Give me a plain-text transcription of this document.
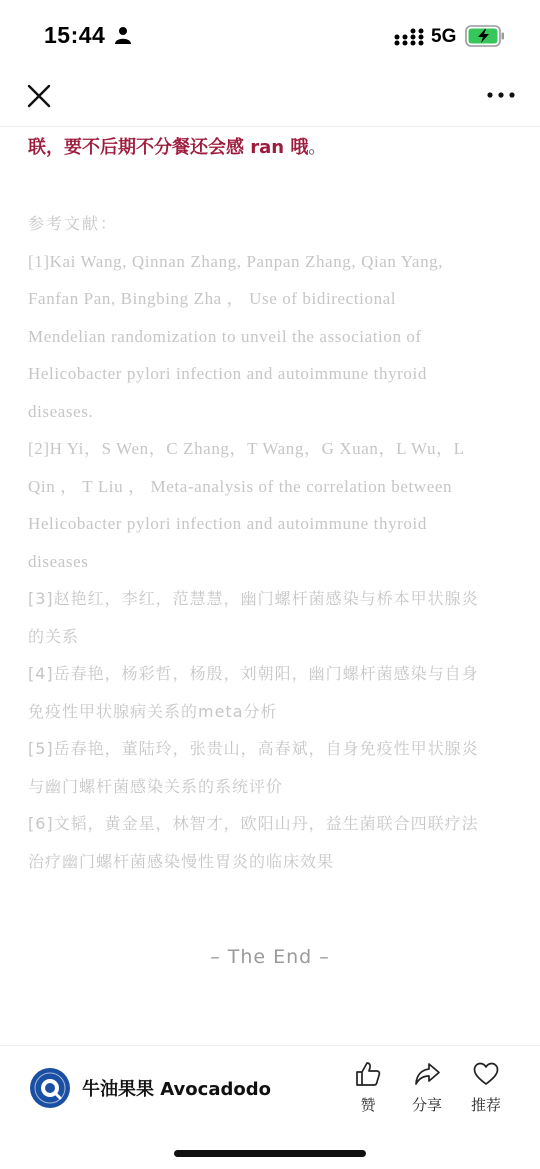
15:44	5G
联，要不后期不分餐还会感 ran 哦。
参考文献：
[1]Kai Wang, Qinnan Zhang, Panpan Zhang, Qian Yang,
Fanfan Pan, Bingbing Zha ， Use of bidirectional
Mendelian randomization to unveil the association of
Helicobacter pylori infection and autoimmune thyroid
diseases.
[2]H Yi，S Wen，C Zhang，T Wang，G Xuan，L Wu，L
Qin ， T Liu ， Meta-analysis of the correlation between
Helicobacter pylori infection and autoimmune thyroid
diseases
[3]赵艳红，李红，范慧慧，幽门螺杆菌感染与桥本甲状腺炎
的关系
[4]岳春艳，杨彩哲，杨殷，刘朝阳，幽门螺杆菌感染与自身
免疫性甲状腺病关系的meta分析
[5]岳春艳，董陆玲，张贵山，高春斌，自身免疫性甲状腺炎
与幽门螺杆菌感染关系的系统评价
[6]文韬，黄金星，林智才，欧阳山丹，益生菌联合四联疗法
治疗幽门螺杆菌感染慢性胃炎的临床效果
– The End –
牛油果果 Avocadodo
赞	分享	推荐
